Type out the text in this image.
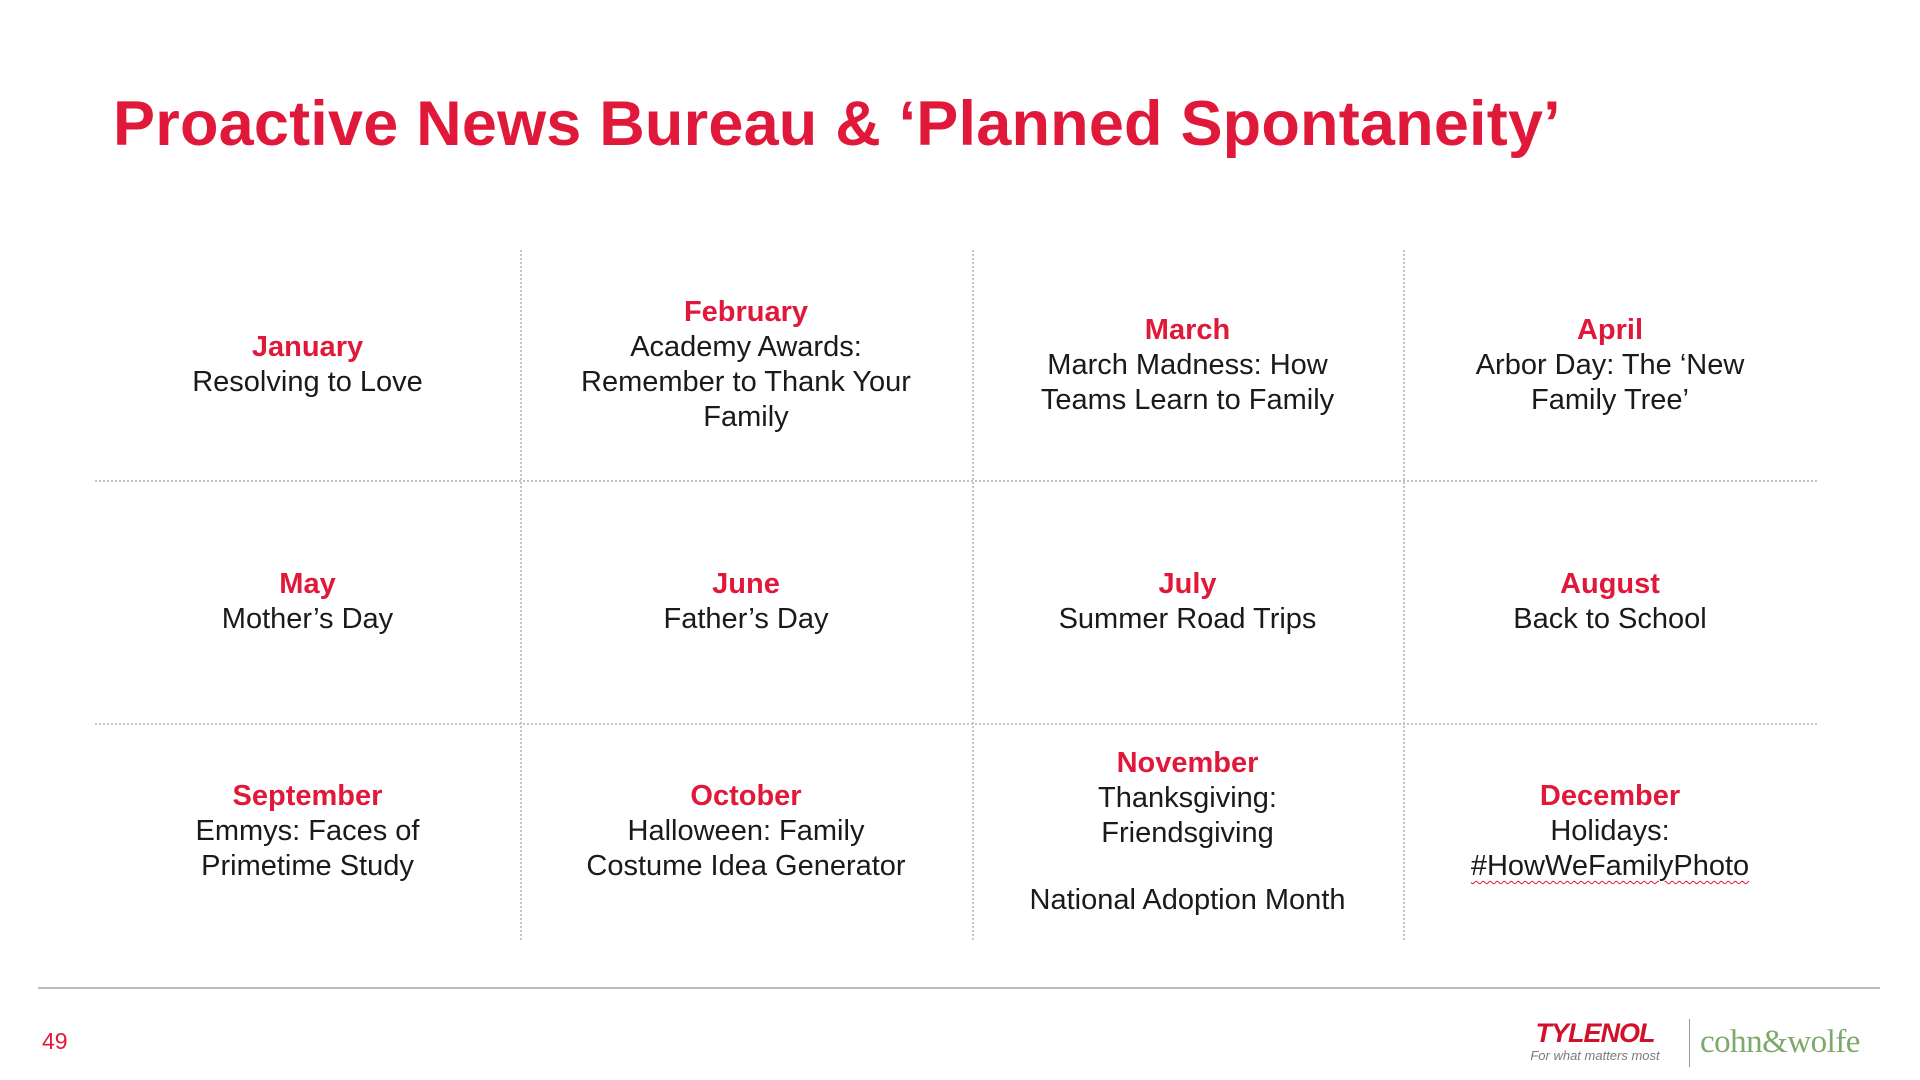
Proactive News Bureau & ‘Planned Spontaneity’
January
Resolving to Love
February
Academy Awards:
Remember to Thank Your
Family
March
March Madness: How
Teams Learn to Family
April
Arbor Day: The ‘New
Family Tree’
May
Mother’s Day
June
Father’s Day
July
Summer Road Trips
August
Back to School
September
Emmys: Faces of
Primetime Study
October
Halloween: Family
Costume Idea Generator
November
Thanksgiving:
Friendsgiving
National Adoption Month
December
Holidays:
#HowWeFamilyPhoto
49	TYLENOL
For what matters most	cohn&wolfe
